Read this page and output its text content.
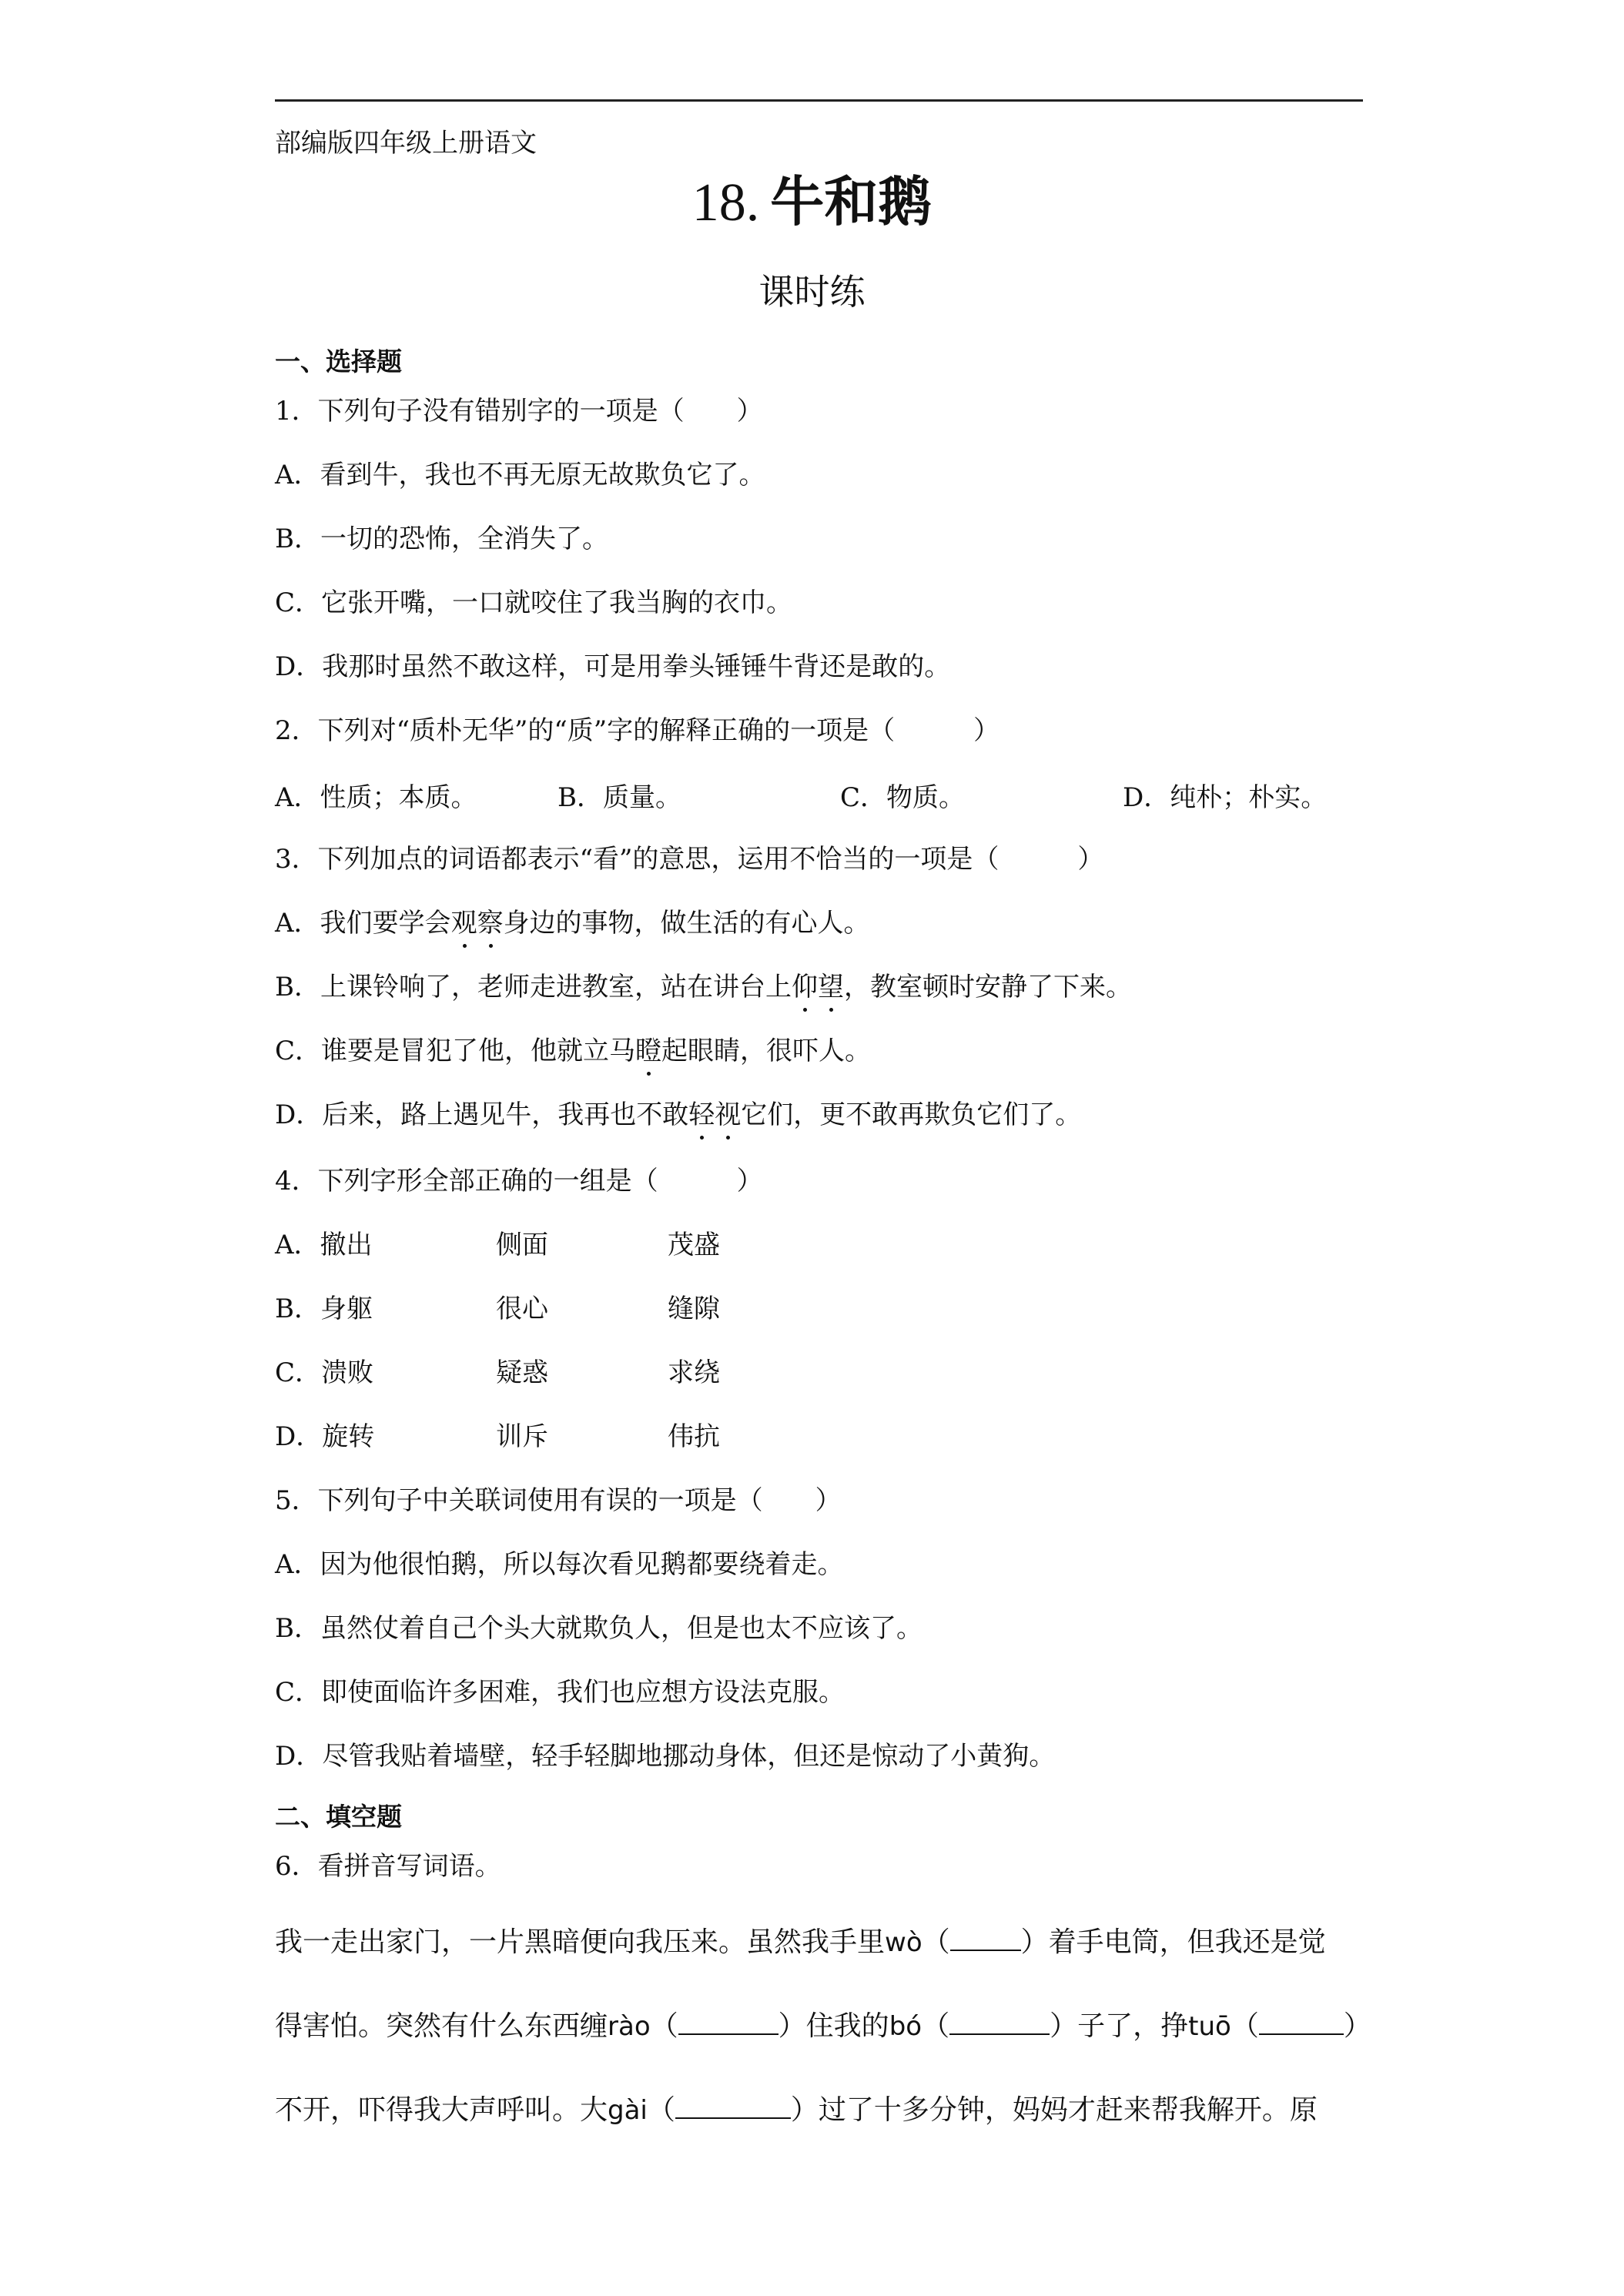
部编版四年级上册语文
18. 牛和鹅
课时练
一、选择题
1．下列句子没有错别字的一项是（　　）
A．看到牛，我也不再无原无故欺负它了。
B．一切的恐怖，全消失了。
C．它张开嘴，一口就咬住了我当胸的衣巾。
D．我那时虽然不敢这样，可是用拳头锤锤牛背还是敢的。
2．下列对“质朴无华”的“质”字的解释正确的一项是（　　　）
A．性质；本质。	B．质量。	C．物质。	D．纯朴；朴实。
3．下列加点的词语都表示“看”的意思，运用不恰当的一项是（　　　）
A．我们要学会观察身边的事物，做生活的有心人。
B．上课铃响了，老师走进教室，站在讲台上仰望，教室顿时安静了下来。
C．谁要是冒犯了他，他就立马瞪起眼睛，很吓人。
D．后来，路上遇见牛，我再也不敢轻视它们，更不敢再欺负它们了。
4．下列字形全部正确的一组是（　　　）
A．撤出	侧面	茂盛
B．身躯	很心	缝隙
C．溃败	疑惑	求绕
D．旋转	训斥	伟抗
5．下列句子中关联词使用有误的一项是（　　）
A．因为他很怕鹅，所以每次看见鹅都要绕着走。
B．虽然仗着自己个头大就欺负人，但是也太不应该了。
C．即使面临许多困难，我们也应想方设法克服。
D．尽管我贴着墙壁，轻手轻脚地挪动身体，但还是惊动了小黄狗。
二、填空题
6．看拼音写词语。
我一走出家门，一片黑暗便向我压来。虽然我手里wò（	）着手电筒，但我还是觉
得害怕。突然有什么东西缠rào（	）住我的bó（	）子了，挣tuō（	）
不开，吓得我大声呼叫。大gài（	）过了十多分钟，妈妈才赶来帮我解开。原
